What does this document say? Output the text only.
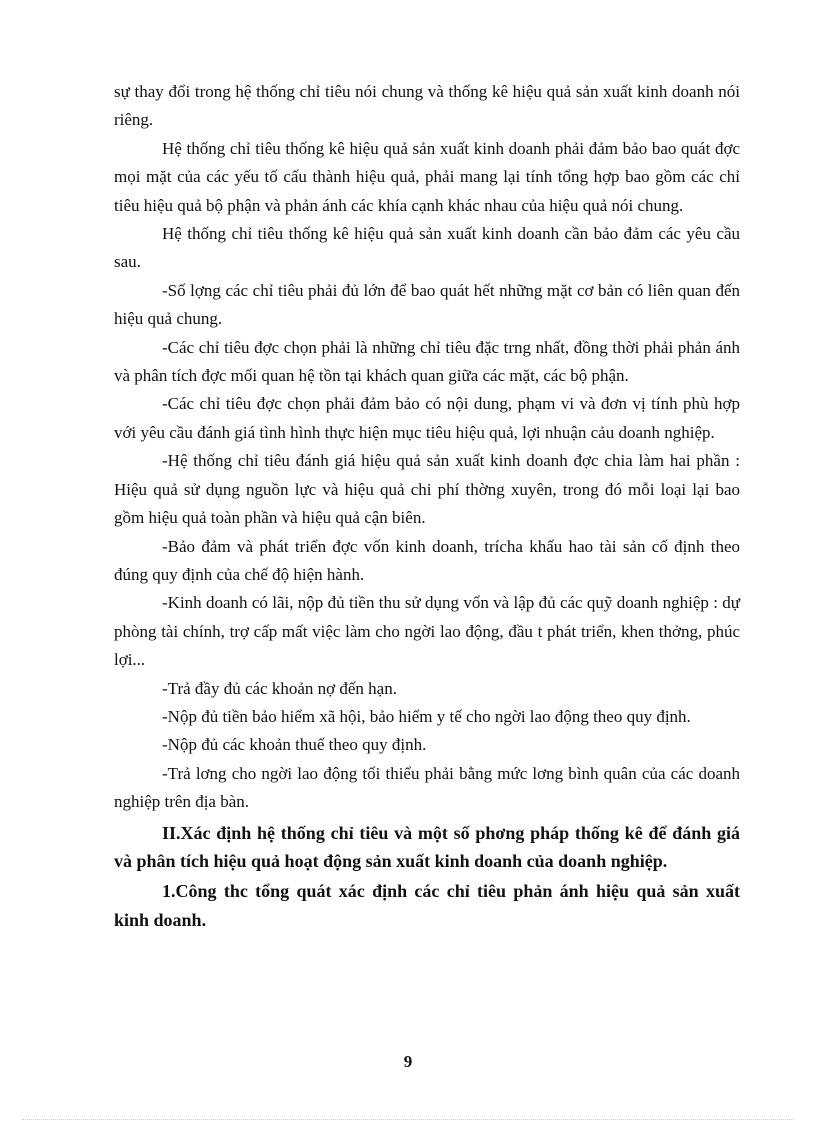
sự thay đổi trong hệ thống chỉ tiêu nói chung và thống kê hiệu quả sản xuất kinh doanh nói riêng.

Hệ thống chỉ tiêu thống kê hiệu quả sản xuất kinh doanh phải đảm bảo bao quát đợc mọi mặt của các yếu tố cấu thành hiệu quả, phải mang lại tính tổng hợp bao gồm các chỉ tiêu hiệu quả bộ phận và phản ánh các khía cạnh khác nhau của hiệu quả nói chung.

Hệ thống chỉ tiêu thống kê hiệu quả sản xuất kinh doanh cần bảo đảm các yêu cầu sau.

-Số lợng các chỉ tiêu phải đủ lớn để bao quát hết những mặt cơ bản có liên quan đến hiệu quả chung.

-Các chỉ tiêu đợc chọn phải là những chỉ tiêu đặc trng nhất, đồng thời phải phản ánh và phân tích đợc mối quan hệ tồn tại khách quan giữa các mặt, các bộ phận.

-Các chỉ tiêu đợc chọn phải đảm bảo có nội dung, phạm vi và đơn vị tính phù hợp với yêu cầu đánh giá tình hình thực hiện mục tiêu hiệu quả, lợi nhuận cảu doanh nghiệp.

-Hệ thống chỉ tiêu đánh giá hiệu quả sản xuất kinh doanh đợc chia làm hai phần : Hiệu quả sử dụng nguồn lực và hiệu quả chi phí thờng xuyên, trong đó mỗi loại lại bao gồm hiệu quả toàn phần và hiệu quả cận biên.

-Bảo đảm và phát triển đợc vốn kinh doanh, trícha khấu hao tài sản cố định theo đúng quy định của chế độ hiện hành.

-Kinh doanh có lãi, nộp đủ tiền thu sử dụng vốn và lập đủ các quỹ doanh nghiệp : dự phòng tài chính, trợ cấp mất việc làm cho ngời lao động, đầu t phát triển, khen thởng, phúc lợi...

-Trả đầy đủ các khoản nợ đến hạn.

-Nộp đủ tiền bảo hiểm xã hội, bảo hiểm y tế cho ngời lao động theo quy định.

-Nộp đủ các khoản thuế theo quy định.

-Trả lơng cho ngời lao động tối thiểu phải bằng mức lơng bình quân của các doanh nghiệp trên địa bàn.

II.Xác định hệ thống chỉ tiêu và một số phơng pháp thống kê để đánh giá và phân tích hiệu quả hoạt động sản xuất kinh doanh của doanh nghiệp.

1.Công thc tổng quát xác định các chỉ tiêu phản ánh hiệu quả sản xuất kinh doanh.

9
